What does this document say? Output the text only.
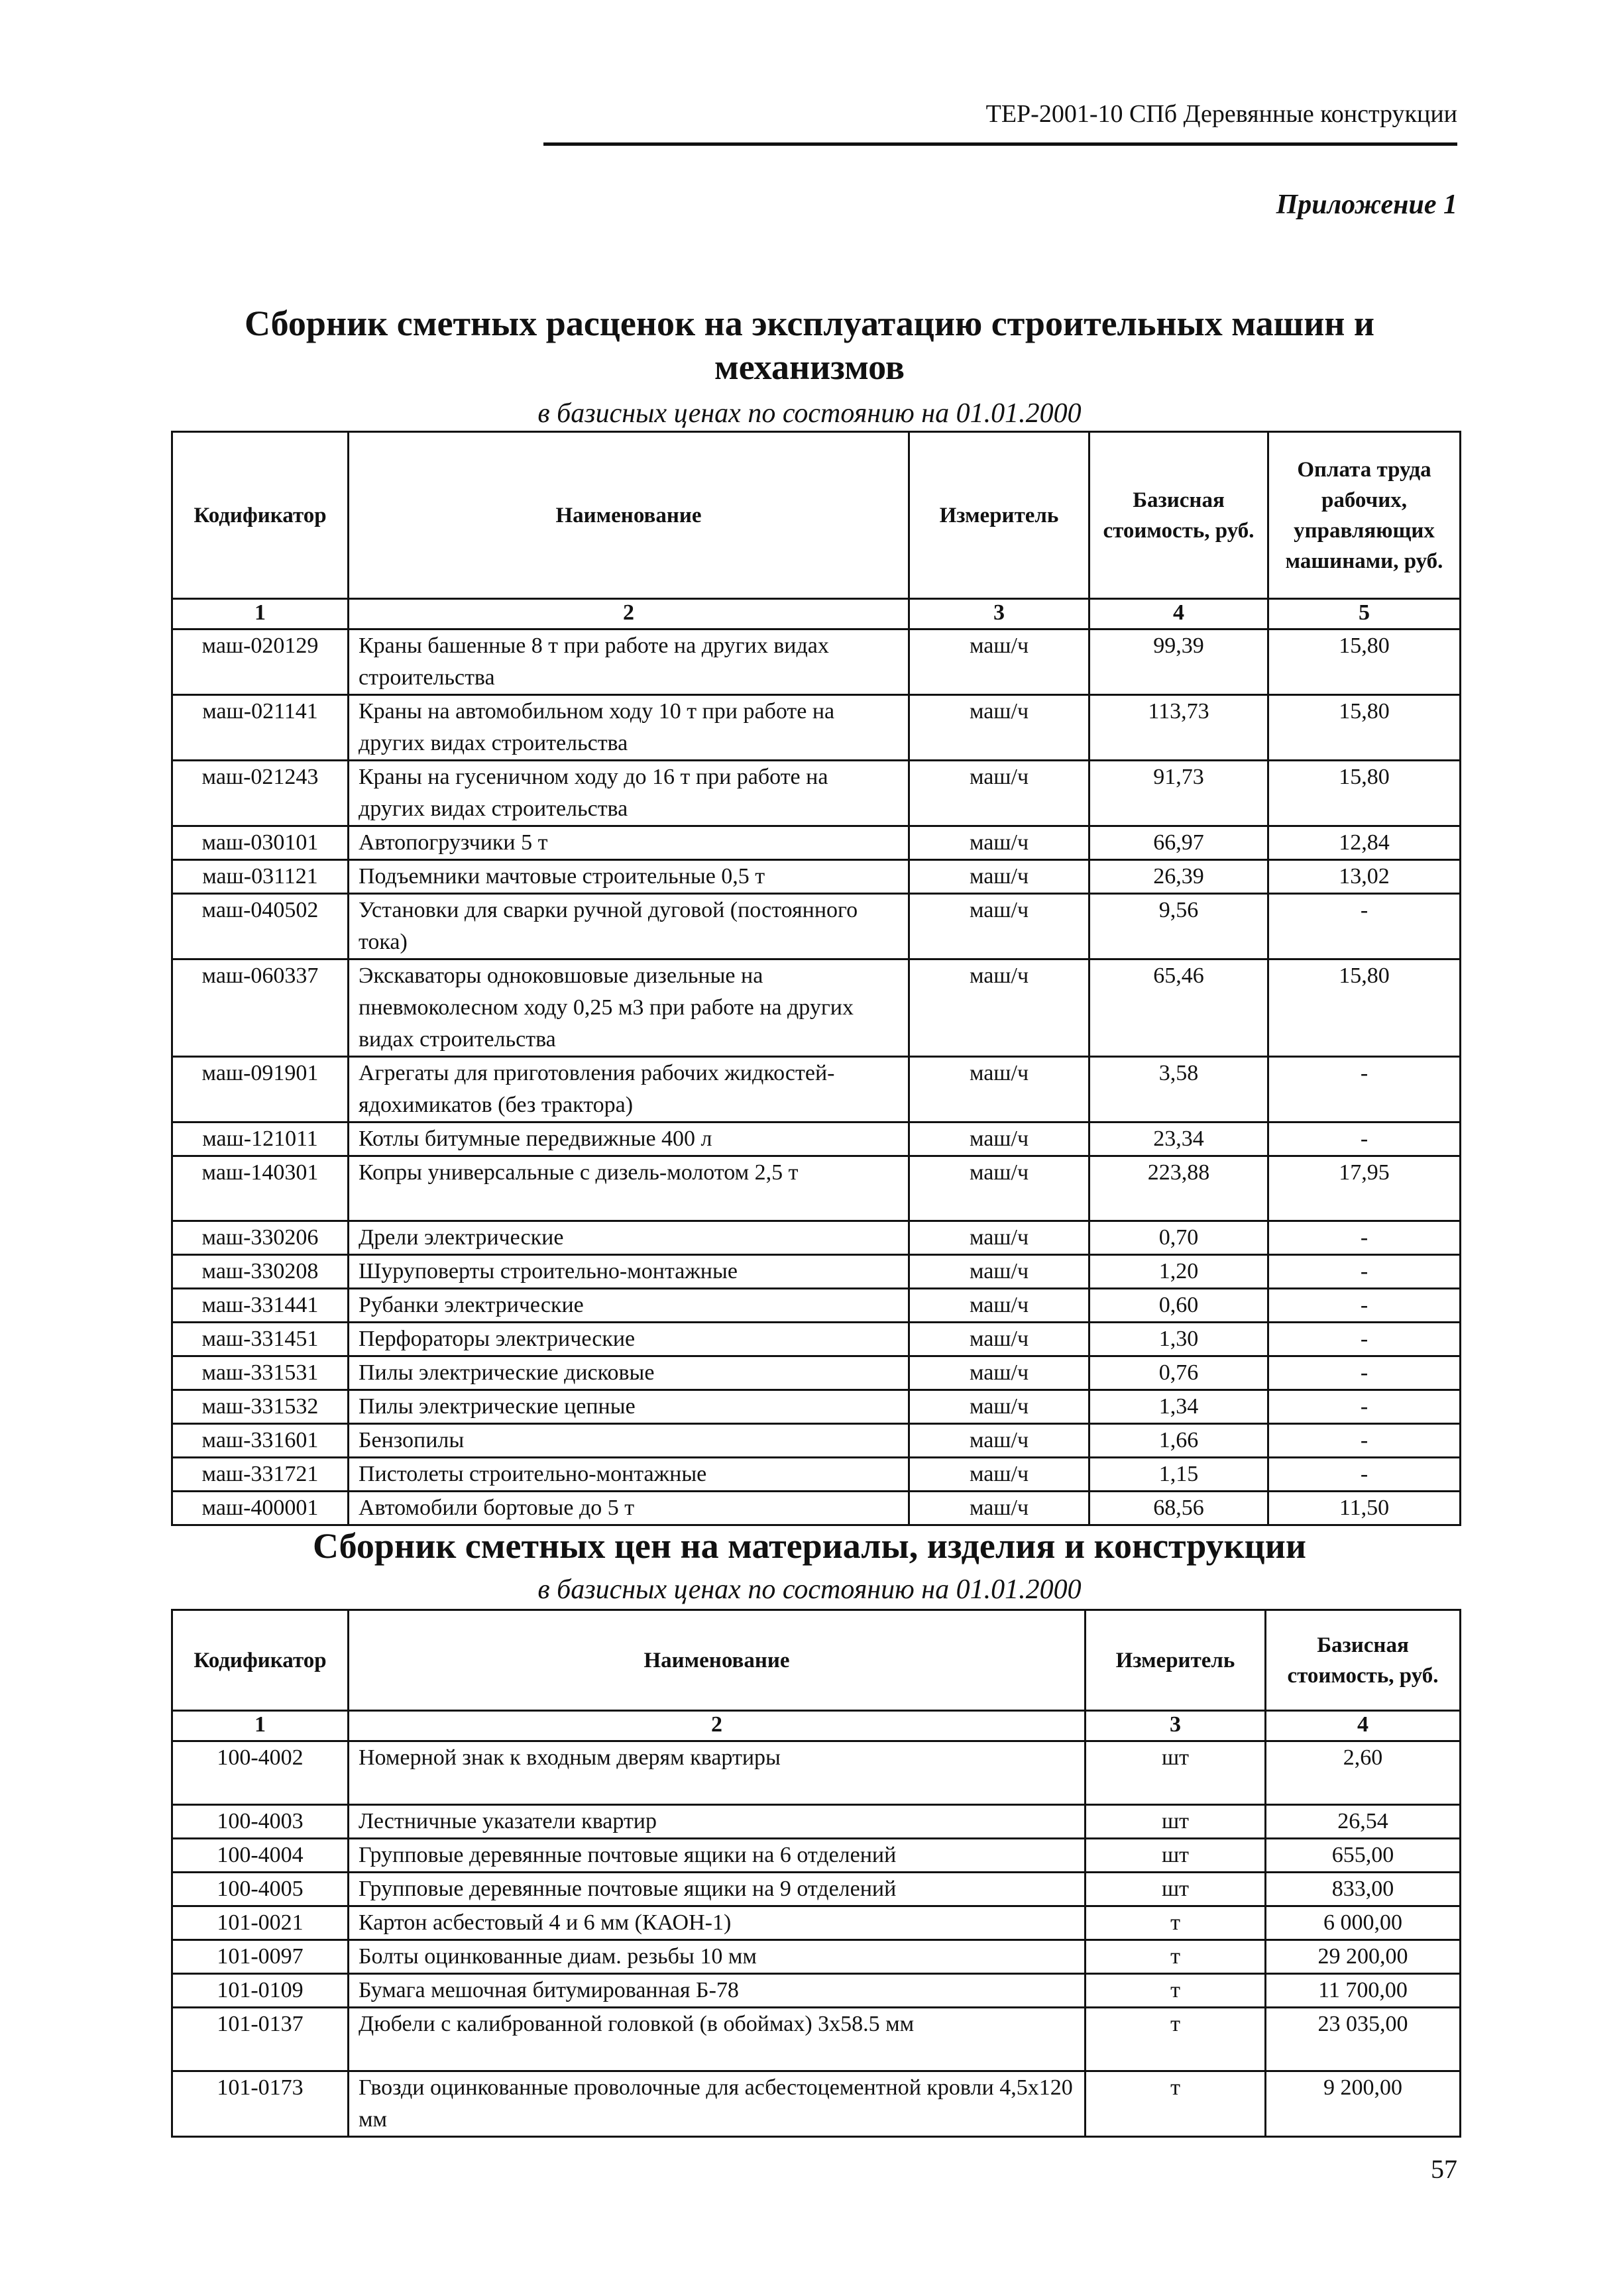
ТЕР-2001-10 СПб Деревянные конструкции
Приложение 1
Сборник сметных расценок на эксплуатацию строительных машин и механизмов
в базисных ценах по состоянию на 01.01.2000
Кодификатор	Наименование	Измеритель	Базисная стоимость, руб.	Оплата труда рабочих, управляющих машинами, руб.
1	2	3	4	5
маш-020129	Краны башенные 8 т при работе на других видах строительства	маш/ч	99,39	15,80
маш-021141	Краны на автомобильном ходу 10 т при работе на других видах строительства	маш/ч	113,73	15,80
маш-021243	Краны на гусеничном ходу до 16 т при работе на других видах строительства	маш/ч	91,73	15,80
маш-030101	Автопогрузчики 5 т	маш/ч	66,97	12,84
маш-031121	Подъемники мачтовые строительные 0,5 т	маш/ч	26,39	13,02
маш-040502	Установки для сварки ручной дуговой (постоянного тока)	маш/ч	9,56	-
маш-060337	Экскаваторы одноковшовые дизельные на пневмоколесном ходу 0,25 м3 при работе на других видах строительства	маш/ч	65,46	15,80
маш-091901	Агрегаты для приготовления рабочих жидкостей-ядохимикатов (без трактора)	маш/ч	3,58	-
маш-121011	Котлы битумные передвижные 400 л	маш/ч	23,34	-
маш-140301	Копры универсальные с дизель-молотом 2,5 т	маш/ч	223,88	17,95
маш-330206	Дрели электрические	маш/ч	0,70	-
маш-330208	Шуруповерты строительно-монтажные	маш/ч	1,20	-
маш-331441	Рубанки электрические	маш/ч	0,60	-
маш-331451	Перфораторы электрические	маш/ч	1,30	-
маш-331531	Пилы электрические дисковые	маш/ч	0,76	-
маш-331532	Пилы электрические цепные	маш/ч	1,34	-
маш-331601	Бензопилы	маш/ч	1,66	-
маш-331721	Пистолеты строительно-монтажные	маш/ч	1,15	-
маш-400001	Автомобили бортовые до 5 т	маш/ч	68,56	11,50
Сборник сметных цен на материалы, изделия и конструкции
в базисных ценах по состоянию на 01.01.2000
Кодификатор	Наименование	Измеритель	Базисная стоимость, руб.
1	2	3	4
100-4002	Номерной знак к входным дверям квартиры	шт	2,60
100-4003	Лестничные указатели квартир	шт	26,54
100-4004	Групповые деревянные почтовые ящики на 6 отделений	шт	655,00
100-4005	Групповые деревянные почтовые ящики на 9 отделений	шт	833,00
101-0021	Картон асбестовый 4 и 6 мм (КАОН-1)	т	6 000,00
101-0097	Болты оцинкованные диам. резьбы 10 мм	т	29 200,00
101-0109	Бумага мешочная битумированная Б-78	т	11 700,00
101-0137	Дюбели с калиброванной головкой (в обоймах) 3x58.5 мм	т	23 035,00
101-0173	Гвозди оцинкованные проволочные для асбестоцементной кровли 4,5x120 мм	т	9 200,00
57
